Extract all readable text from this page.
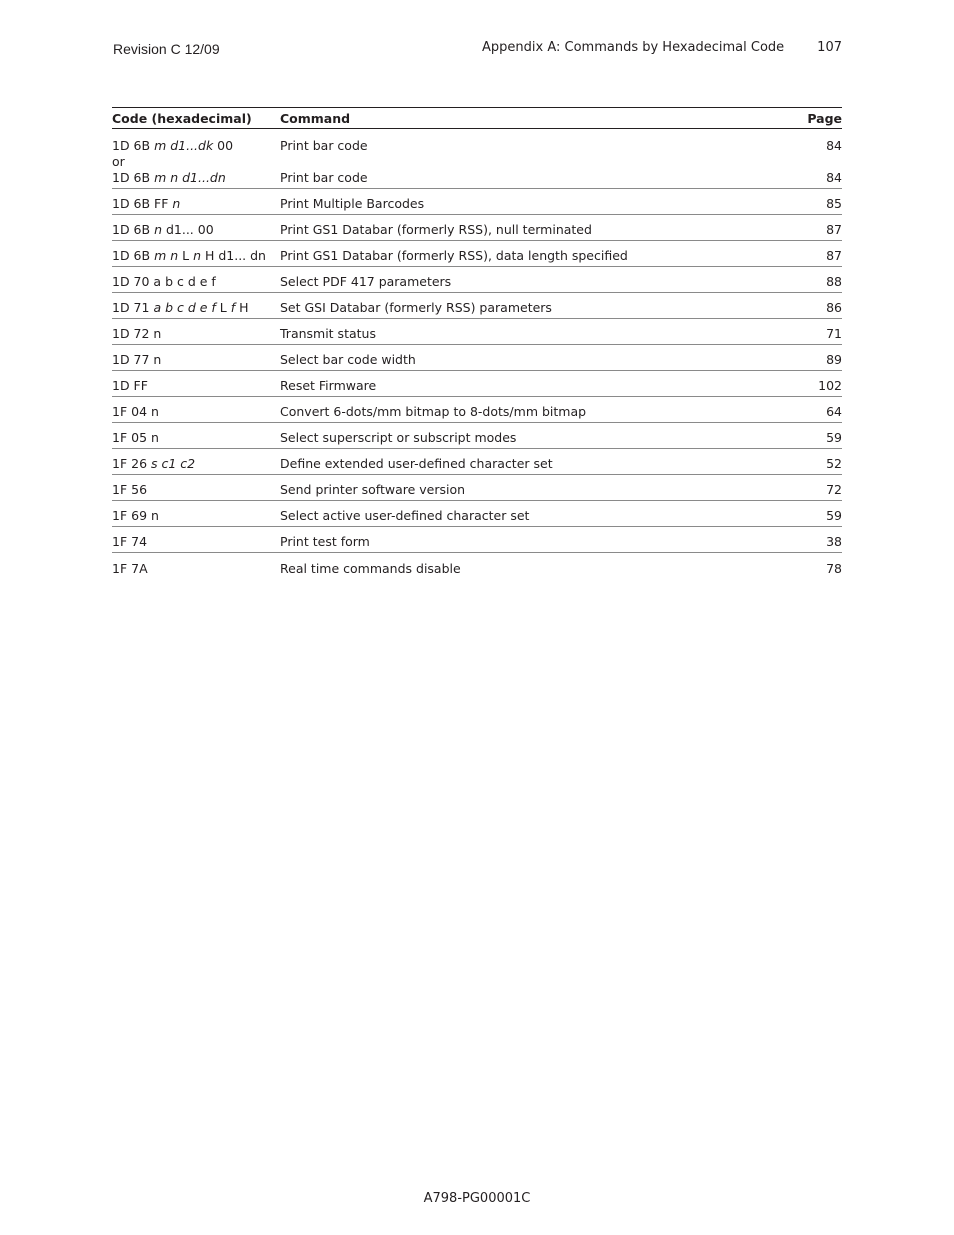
Revision C 12/09	Appendix A: Commands by Hexadecimal Code	107
Code (hexadecimal)	Command	Page
1D 6B m d1...dk 00	Print bar code	84
or
1D 6B m n d1...dn	Print bar code	84
1D 6B FF n	Print Multiple Barcodes	85
1D 6B n d1... 00	Print GS1 Databar (formerly RSS), null terminated	87
1D 6B m n L n H d1... dn	Print GS1 Databar (formerly RSS), data length specified	87
1D 70 a b c d e f	Select PDF 417 parameters	88
1D 71 a b c d e f L f H	Set GSI Databar (formerly RSS) parameters	86
1D 72 n	Transmit status	71
1D 77 n	Select bar code width	89
1D FF	Reset Firmware	102
1F 04 n	Convert 6-dots/mm bitmap to 8-dots/mm bitmap	64
1F 05 n	Select superscript or subscript modes	59
1F 26 s c1 c2	Define extended user-defined character set	52
1F 56	Send printer software version	72
1F 69 n	Select active user-defined character set	59
1F 74	Print test form	38
1F 7A	Real time commands disable	78
A798-PG00001C
